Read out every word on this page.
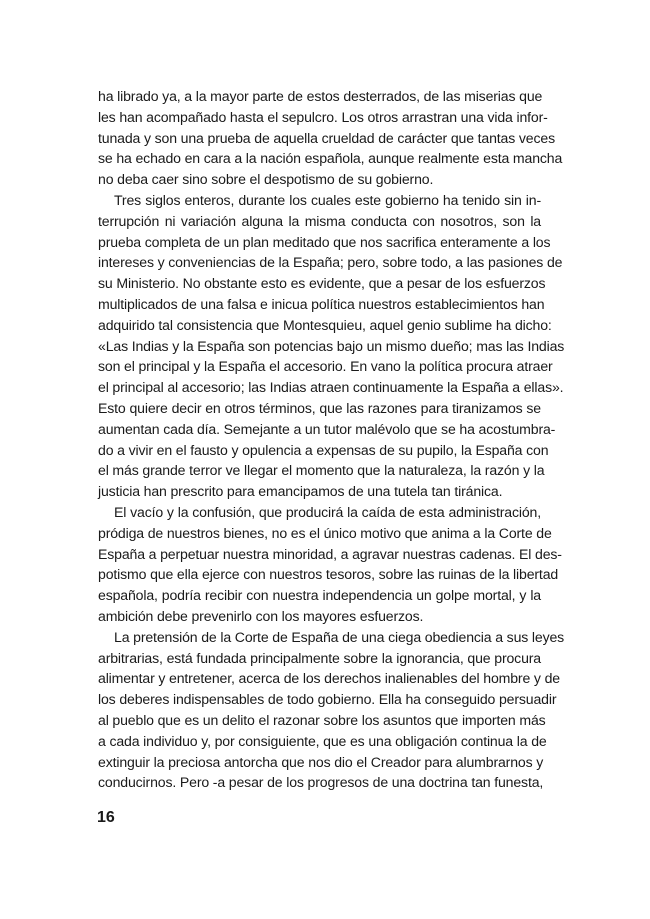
ha librado ya, a la mayor parte de estos desterrados, de las miserias que
les han acompañado hasta el sepulcro. Los otros arrastran una vida infor-
tunada y son una prueba de aquella crueldad de carácter que tantas veces
se ha echado en cara a la nación española, aunque realmente esta mancha
no deba caer sino sobre el despotismo de su gobierno.
Tres siglos enteros, durante los cuales este gobierno ha tenido sin in-
terrupción ni variación alguna la misma conducta con nosotros, son la
prueba completa de un plan meditado que nos sacrifica enteramente a los
intereses y conveniencias de la España; pero, sobre todo, a las pasiones de
su Ministerio. No obstante esto es evidente, que a pesar de los esfuerzos
multiplicados de una falsa e inicua política nuestros establecimientos han
adquirido tal consistencia que Montesquieu, aquel genio sublime ha dicho:
«Las Indias y la España son potencias bajo un mismo dueño; mas las Indias
son el principal y la España el accesorio. En vano la política procura atraer
el principal al accesorio; las Indias atraen continuamente la España a ellas».
Esto quiere decir en otros términos, que las razones para tiranizamos se
aumentan cada día. Semejante a un tutor malévolo que se ha acostumbra-
do a vivir en el fausto y opulencia a expensas de su pupilo, la España con
el más grande terror ve llegar el momento que la naturaleza, la razón y la
justicia han prescrito para emancipamos de una tutela tan tiránica.
El vacío y la confusión, que producirá la caída de esta administración,
pródiga de nuestros bienes, no es el único motivo que anima a la Corte de
España a perpetuar nuestra minoridad, a agravar nuestras cadenas. El des-
potismo que ella ejerce con nuestros tesoros, sobre las ruinas de la libertad
española, podría recibir con nuestra independencia un golpe mortal, y la
ambición debe prevenirlo con los mayores esfuerzos.
La pretensión de la Corte de España de una ciega obediencia a sus leyes
arbitrarias, está fundada principalmente sobre la ignorancia, que procura
alimentar y entretener, acerca de los derechos inalienables del hombre y de
los deberes indispensables de todo gobierno. Ella ha conseguido persuadir
al pueblo que es un delito el razonar sobre los asuntos que importen más
a cada individuo y, por consiguiente, que es una obligación continua la de
extinguir la preciosa antorcha que nos dio el Creador para alumbrarnos y
conducirnos. Pero -a pesar de los progresos de una doctrina tan funesta,
16
